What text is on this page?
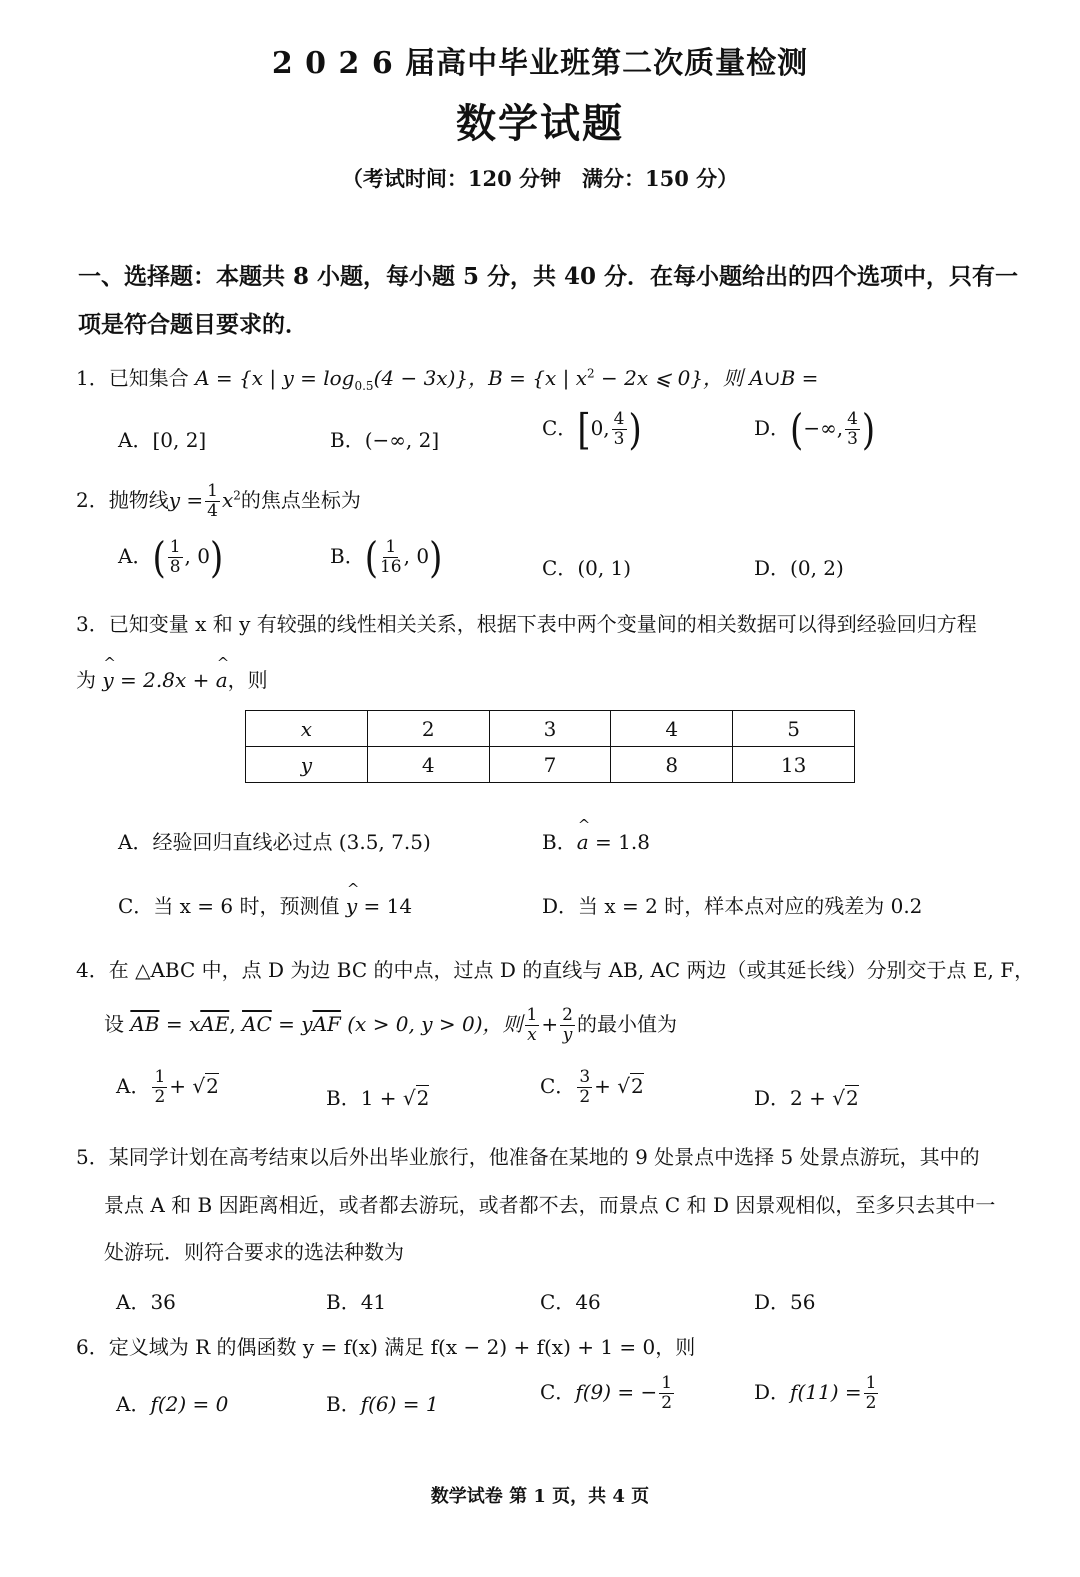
2 0 2 6 届高中毕业班第二次质量检测
数学试题
（考试时间：120 分钟　满分：150 分）
一、选择题：本题共 8 小题，每小题 5 分，共 40 分．在每小题给出的四个选项中，只有一
项是符合题目要求的．
1．已知集合 A = {x | $y = \log_{0.5}(4 - 3x)$}，B = {x | $x^2 - 2x$ ⩽ 0}，则 A∪B =
A．[0, 2]	B．(−∞, 2]	C．[0, $\frac{4}{3}$ )	D．(−∞, $\frac{4}{3}$ )
2．抛物线$y = \frac{1}{4} x^2$的焦点坐标为
A．( $\frac{1}{8}$ , 0)	B．( $\frac{1}{16}$ , 0)	C．(0, 1)	D．(0, 2)
3．已知变量 x 和 y 有较强的线性相关关系，根据下表中两个变量间的相关数据可以得到经验回归方程
为 ^ y = 2.8x + ^ a，则
x	2	3	4	5
y	4	7	8	13
A．经验回归直线必过点 (3.5, 7.5)	B．^ a = 1.8
C．当 x = 6 时，预测值 ^ y = 14	D．当 x = 2 时，样本点对应的残差为 0.2
4．在 △ABC 中，点 D 为边 BC 的中点，过点 D 的直线与 AB, AC 两边（或其延长线）分别交于点 E, F，
设 $\overline{AB} = x\overline{AE}$, $\overline{AC} = y\overline{AF}$ (x > 0, y > 0)，则 $\frac{1}{x} + \frac{2}{y}$ 的最小值为
A． $\frac{1}{2} + √2$	B．1 + √2	C． $\frac{3}{2} + √2$	D．2 + √2
5．某同学计划在高考结束以后外出毕业旅行，他准备在某地的 9 处景点中选择 5 处景点游玩，其中的
景点 A 和 B 因距离相近，或者都去游玩，或者都不去，而景点 C 和 D 因景观相似，至多只去其中一
处游玩．则符合要求的选法种数为
A．36	B．41	C．46	D．56
6．定义域为 R 的偶函数 y = f(x) 满足 f(x − 2) + f(x) + 1 = 0，则
A．f(2) = 0	B．f(6) = 1	C．f(9) = − $\frac{1}{2}$	D．$f(11) = \frac{1}{2}$
数学试卷 第 1 页，共 4 页
